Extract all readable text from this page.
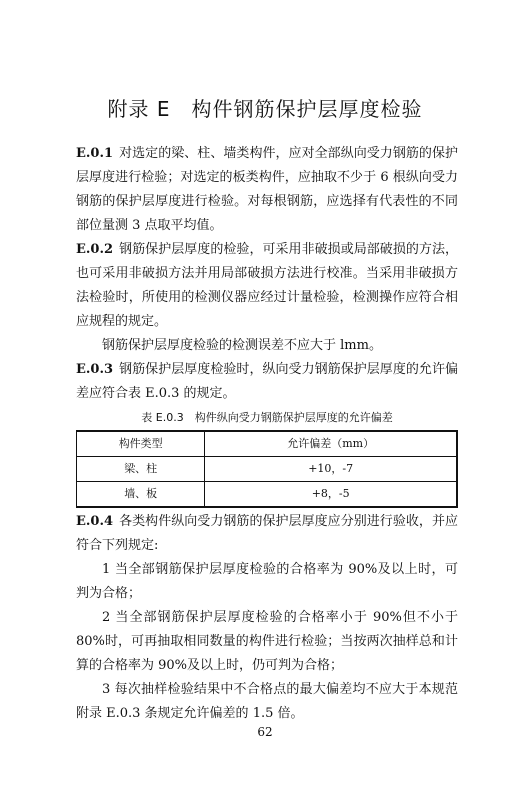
附录 E　构件钢筋保护层厚度检验

E.0.1 对选定的梁、柱、墙类构件，应对全部纵向受力钢筋的保护层厚度进行检验；对选定的板类构件，应抽取不少于 6 根纵向受力钢筋的保护层厚度进行检验。对每根钢筋，应选择有代表性的不同部位量测 3 点取平均值。

E.0.2 钢筋保护层厚度的检验，可采用非破损或局部破损的方法，也可采用非破损方法并用局部破损方法进行校准。当采用非破损方法检验时，所使用的检测仪器应经过计量检验，检测操作应符合相应规程的规定。

钢筋保护层厚度检验的检测误差不应大于 lmm。

E.0.3 钢筋保护层厚度检验时，纵向受力钢筋保护层厚度的允许偏差应符合表 E.0.3 的规定。

表 E.0.3　构件纵向受力钢筋保护层厚度的允许偏差

构件类型	允许偏差（mm）
梁、柱	+10，-7
墙、板	+8，-5

E.0.4 各类构件纵向受力钢筋的保护层厚度应分别进行验收，并应符合下列规定:

1 当全部钢筋保护层厚度检验的合格率为 90%及以上时，可判为合格；

2 当全部钢筋保护层厚度检验的合格率小于 90%但不小于 80%时，可再抽取相同数量的构件进行检验；当按两次抽样总和计算的合格率为 90%及以上时，仍可判为合格；

3 每次抽样检验结果中不合格点的最大偏差均不应大于本规范附录 E.0.3 条规定允许偏差的 1.5 倍。

62
